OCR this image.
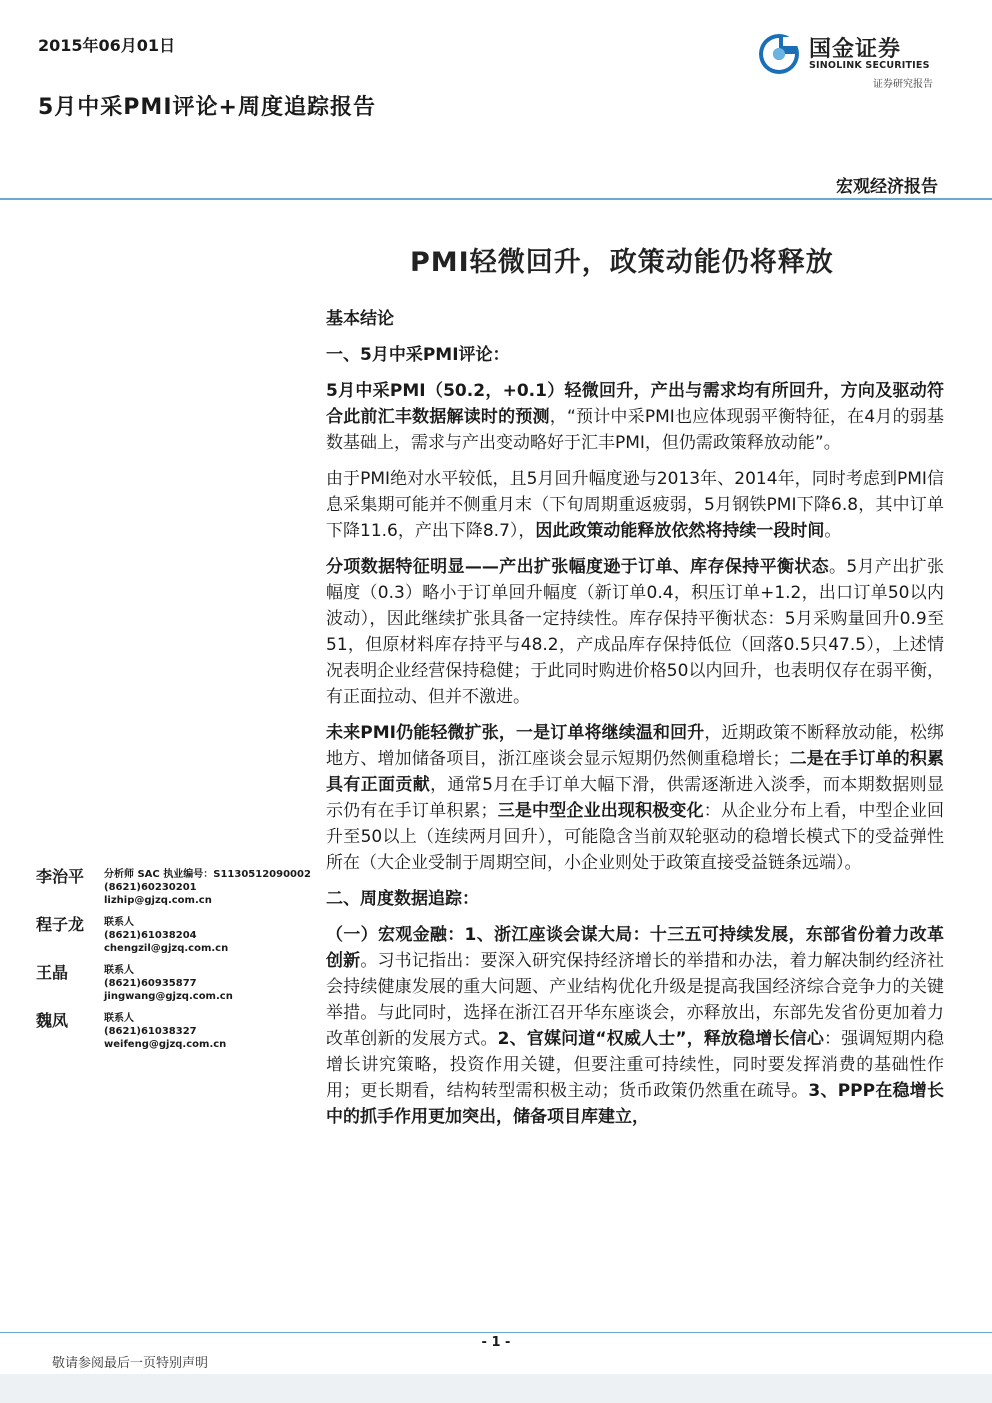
2015年06月01日
5月中采PMI评论+周度追踪报告
国金证券
SINOLINK SECURITIES
证券研究报告
宏观经济报告
PMI轻微回升，政策动能仍将释放

基本结论

一、5月中采PMI评论：

5月中采PMI（50.2，+0.1）轻微回升，产出与需求均有所回升，方向及驱动符合此前汇丰数据解读时的预测，“预计中采PMI也应体现弱平衡特征，在4月的弱基数基础上，需求与产出变动略好于汇丰PMI，但仍需政策释放动能”。

由于PMI绝对水平较低，且5月回升幅度逊与2013年、2014年，同时考虑到PMI信息采集期可能并不侧重月末（下旬周期重返疲弱，5月钢铁PMI下降6.8，其中订单下降11.6，产出下降8.7），因此政策动能释放依然将持续一段时间。

分项数据特征明显——产出扩张幅度逊于订单、库存保持平衡状态。5月产出扩张幅度（0.3）略小于订单回升幅度（新订单0.4，积压订单+1.2，出口订单50以内波动），因此继续扩张具备一定持续性。库存保持平衡状态：5月采购量回升0.9至51，但原材料库存持平与48.2，产成品库存保持低位（回落0.5只47.5），上述情况表明企业经营保持稳健；于此同时购进价格50以内回升，也表明仅存在弱平衡，有正面拉动、但并不激进。

未来PMI仍能轻微扩张，一是订单将继续温和回升，近期政策不断释放动能，松绑地方、增加储备项目，浙江座谈会显示短期仍然侧重稳增长；二是在手订单的积累具有正面贡献，通常5月在手订单大幅下滑，供需逐渐进入淡季，而本期数据则显示仍有在手订单积累；三是中型企业出现积极变化：从企业分布上看，中型企业回升至50以上（连续两月回升），可能隐含当前双轮驱动的稳增长模式下的受益弹性所在（大企业受制于周期空间，小企业则处于政策直接受益链条远端）。

二、周度数据追踪：

（一）宏观金融：1、浙江座谈会谋大局：十三五可持续发展，东部省份着力改革创新。习书记指出：要深入研究保持经济增长的举措和办法，着力解决制约经济社会持续健康发展的重大问题、产业结构优化升级是提高我国经济综合竞争力的关键举措。与此同时，选择在浙江召开华东座谈会，亦释放出，东部先发省份更加着力改革创新的发展方式。2、官媒问道“权威人士”，释放稳增长信心：强调短期内稳增长讲究策略，投资作用关键，但要注重可持续性，同时要发挥消费的基础性作用；更长期看，结构转型需积极主动；货币政策仍然重在疏导。3、PPP在稳增长中的抓手作用更加突出，储备项目库建立，

李治平 分析师 SAC 执业编号：S1130512090002
(8621)60230201
lizhip@gjzq.com.cn
程子龙 联系人
(8621)61038204
chengzil@gjzq.com.cn
王晶	联系人
(8621)60935877
jingwang@gjzq.com.cn
魏凤	联系人
(8621)61038327
weifeng@gjzq.com.cn
- 1 -
敬请参阅最后一页特别声明
